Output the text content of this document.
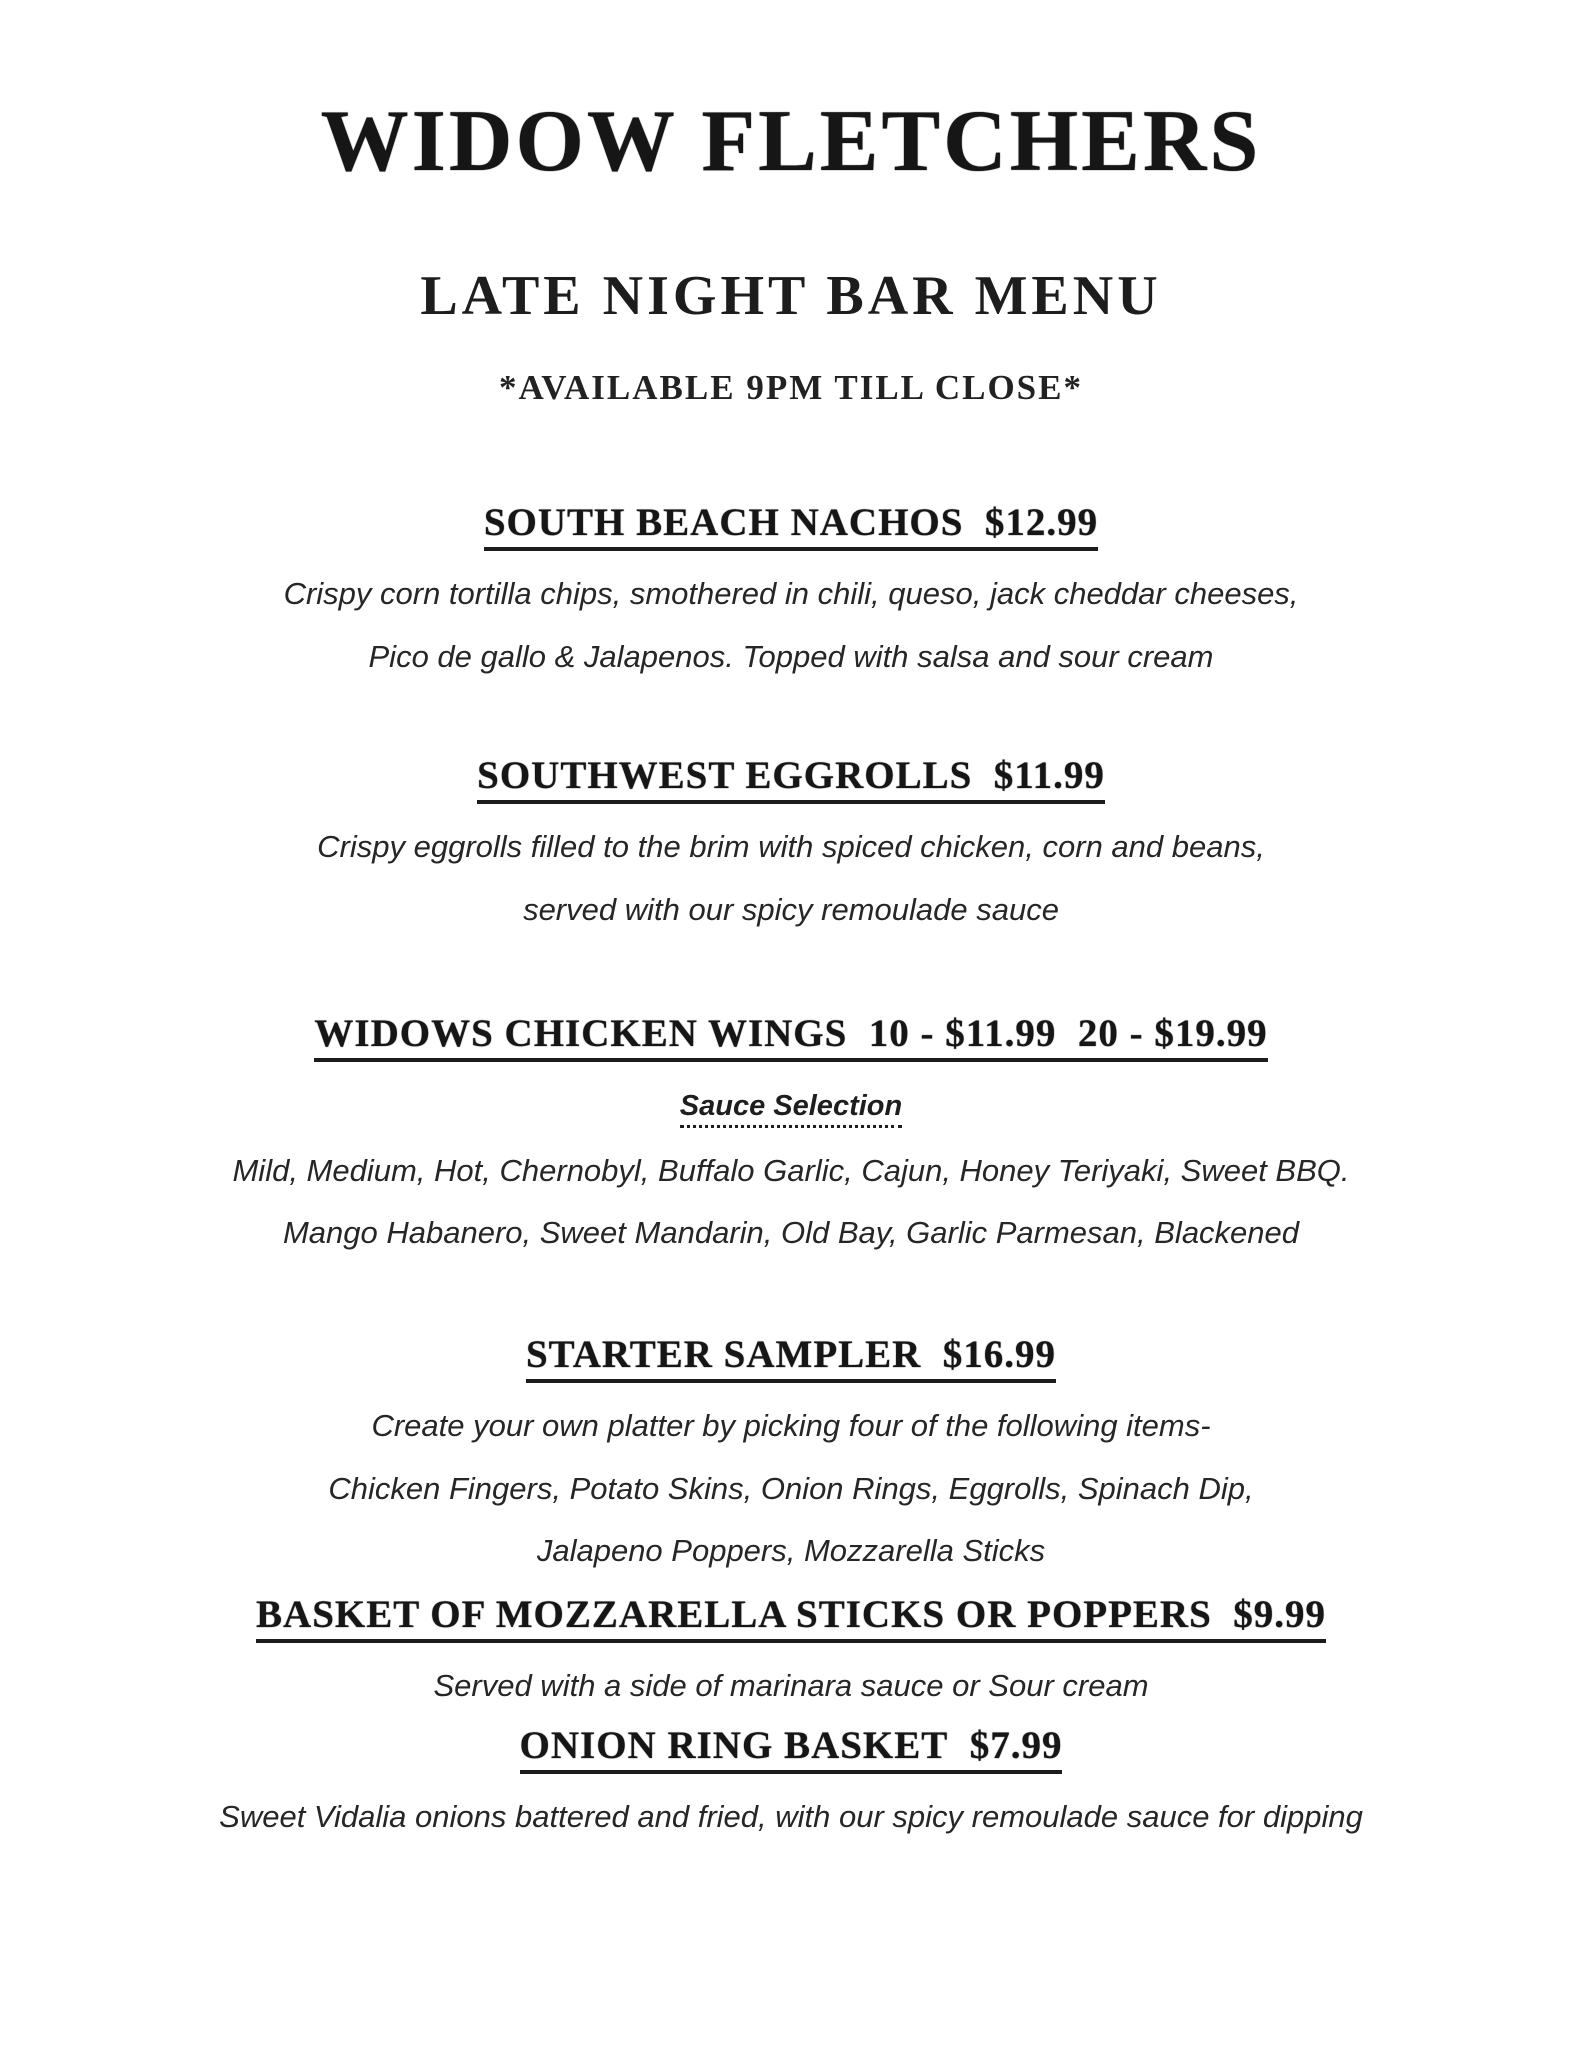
WIDOW FLETCHERS
LATE NIGHT BAR MENU
*AVAILABLE 9PM TILL CLOSE*
SOUTH BEACH NACHOS $12.99

Crispy corn tortilla chips, smothered in chili, queso, jack cheddar cheeses,

Pico de gallo & Jalapenos. Topped with salsa and sour cream

SOUTHWEST EGGROLLS $11.99

Crispy eggrolls filled to the brim with spiced chicken, corn and beans,

served with our spicy remoulade sauce

WIDOWS CHICKEN WINGS 10 - $11.99  20 - $19.99
Sauce Selection

Mild, Medium, Hot, Chernobyl, Buffalo Garlic, Cajun, Honey Teriyaki, Sweet BBQ.

Mango Habanero, Sweet Mandarin, Old Bay, Garlic Parmesan, Blackened

STARTER SAMPLER $16.99

Create your own platter by picking four of the following items-

Chicken Fingers, Potato Skins, Onion Rings, Eggrolls, Spinach Dip,

Jalapeno Poppers, Mozzarella Sticks

BASKET OF MOZZARELLA STICKS OR POPPERS $9.99

Served with a side of marinara sauce or Sour cream

ONION RING BASKET $7.99

Sweet Vidalia onions battered and fried, with our spicy remoulade sauce for dipping
